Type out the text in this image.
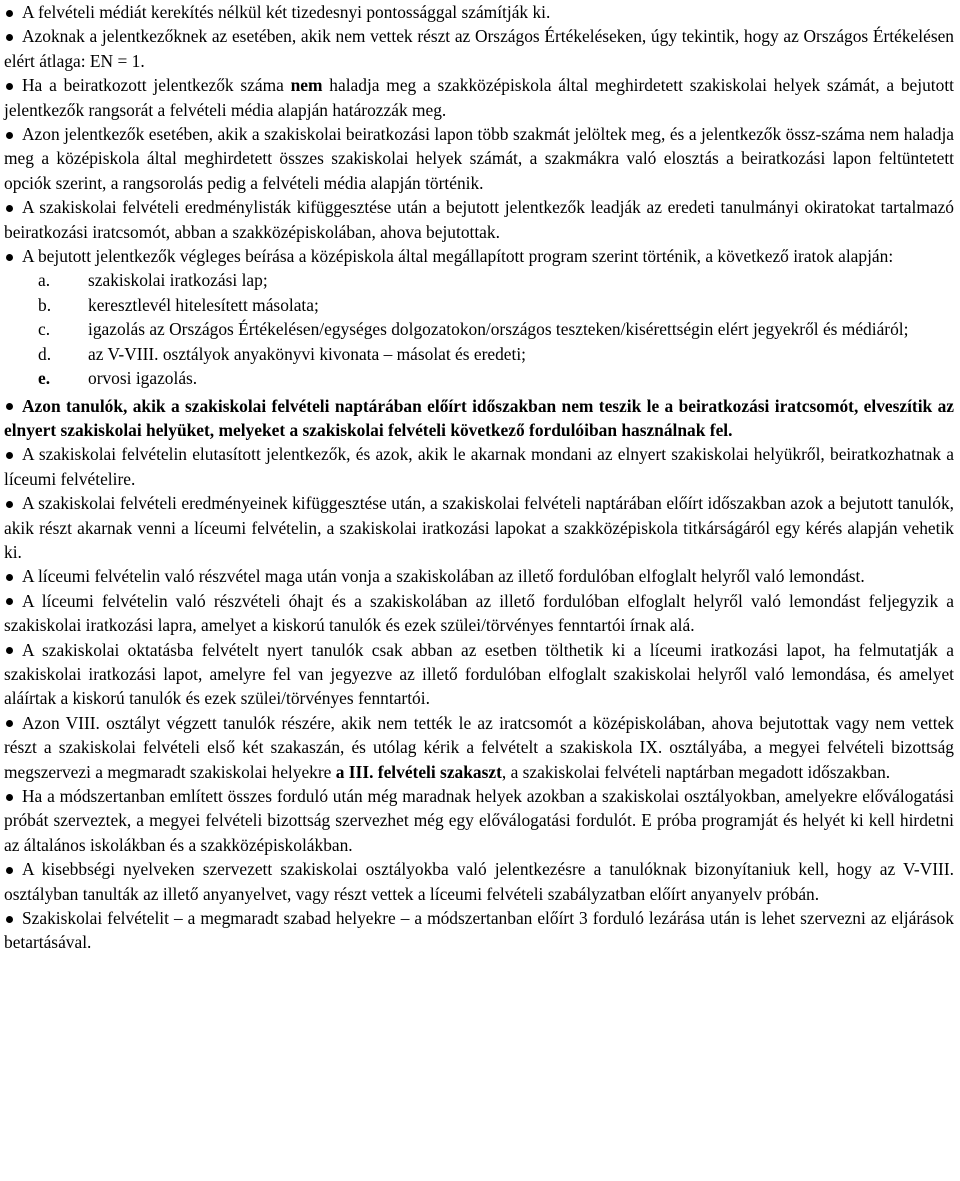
A felvételi médiát kerekítés nélkül két tizedesnyi pontossággal számítják ki.

Azoknak a jelentkezőknek az esetében, akik nem vettek részt az Országos Értékeléseken, úgy tekintik, hogy az Országos Értékelésen elért átlaga: EN = 1.

Ha a beiratkozott jelentkezők száma nem haladja meg a szakközépiskola által meghirdetett szakiskolai helyek számát, a bejutott jelentkezők rangsorát a felvételi média alapján határozzák meg.

Azon jelentkezők esetében, akik a szakiskolai beiratkozási lapon több szakmát jelöltek meg, és a jelentkezők össz-száma nem haladja meg a középiskola által meghirdetett összes szakiskolai helyek számát, a szakmákra való elosztás a beiratkozási lapon feltüntetett opciók szerint, a rangsorolás pedig a felvételi média alapján történik.

A szakiskolai felvételi eredménylisták kifüggesztése után a bejutott jelentkezők leadják az eredeti tanulmányi okiratokat tartalmazó beiratkozási iratcsomót, abban a szakközépiskolában, ahova bejutottak.

A bejutott jelentkezők végleges beírása a középiskola által megállapított program szerint történik, a következő iratok alapján:

a.	szakiskolai iratkozási lap;
b.	keresztlevél hitelesített másolata;
c.	igazolás az Országos Értékelésen/egységes dolgozatokon/országos teszteken/kisérettségin elért jegyekről és médiáról;
d.	az V-VIII. osztályok anyakönyvi kivonata – másolat és eredeti;
e.	orvosi igazolás.

Azon tanulók, akik a szakiskolai felvételi naptárában előírt időszakban nem teszik le a beiratkozási iratcsomót, elveszítik az elnyert szakiskolai helyüket, melyeket a szakiskolai felvételi következő fordulóiban használnak fel.

A szakiskolai felvételin elutasított jelentkezők, és azok, akik le akarnak mondani az elnyert szakiskolai helyükről, beiratkozhatnak a líceumi felvételire.

A szakiskolai felvételi eredményeinek kifüggesztése után, a szakiskolai felvételi naptárában előírt időszakban azok a bejutott tanulók, akik részt akarnak venni a líceumi felvételin, a szakiskolai iratkozási lapokat a szakközépiskola titkárságáról egy kérés alapján vehetik ki.

A líceumi felvételin való részvétel maga után vonja a szakiskolában az illető fordulóban elfoglalt helyről való lemondást.

A líceumi felvételin való részvételi óhajt és a szakiskolában az illető fordulóban elfoglalt helyről való lemondást feljegyzik a szakiskolai iratkozási lapra, amelyet a kiskorú tanulók és ezek szülei/törvényes fenntartói írnak alá.

A szakiskolai oktatásba felvételt nyert tanulók csak abban az esetben tölthetik ki a líceumi iratkozási lapot, ha felmutatják a szakiskolai iratkozási lapot, amelyre fel van jegyezve az illető fordulóban elfoglalt szakiskolai helyről való lemondása, és amelyet aláírtak a kiskorú tanulók és ezek szülei/törvényes fenntartói.

Azon VIII. osztályt végzett tanulók részére, akik nem tették le az iratcsomót a középiskolában, ahova bejutottak vagy nem vettek részt a szakiskolai felvételi első két szakaszán, és utólag kérik a felvételt a szakiskola IX. osztályába, a megyei felvételi bizottság megszervezi a megmaradt szakiskolai helyekre a III. felvételi szakaszt, a szakiskolai felvételi naptárban megadott időszakban.

Ha a módszertanban említett összes forduló után még maradnak helyek azokban a szakiskolai osztályokban, amelyekre előválogatási próbát szerveztek, a megyei felvételi bizottság szervezhet még egy előválogatási fordulót. E próba programját és helyét ki kell hirdetni az általános iskolákban és a szakközépiskolákban.

A kisebbségi nyelveken szervezett szakiskolai osztályokba való jelentkezésre a tanulóknak bizonyítaniuk kell, hogy az V-VIII. osztályban tanulták az illető anyanyelvet, vagy részt vettek a líceumi felvételi szabályzatban előírt anyanyelv próbán.

Szakiskolai felvételit – a megmaradt szabad helyekre – a módszertanban előírt 3 forduló lezárása után is lehet szervezni az eljárások betartásával.
